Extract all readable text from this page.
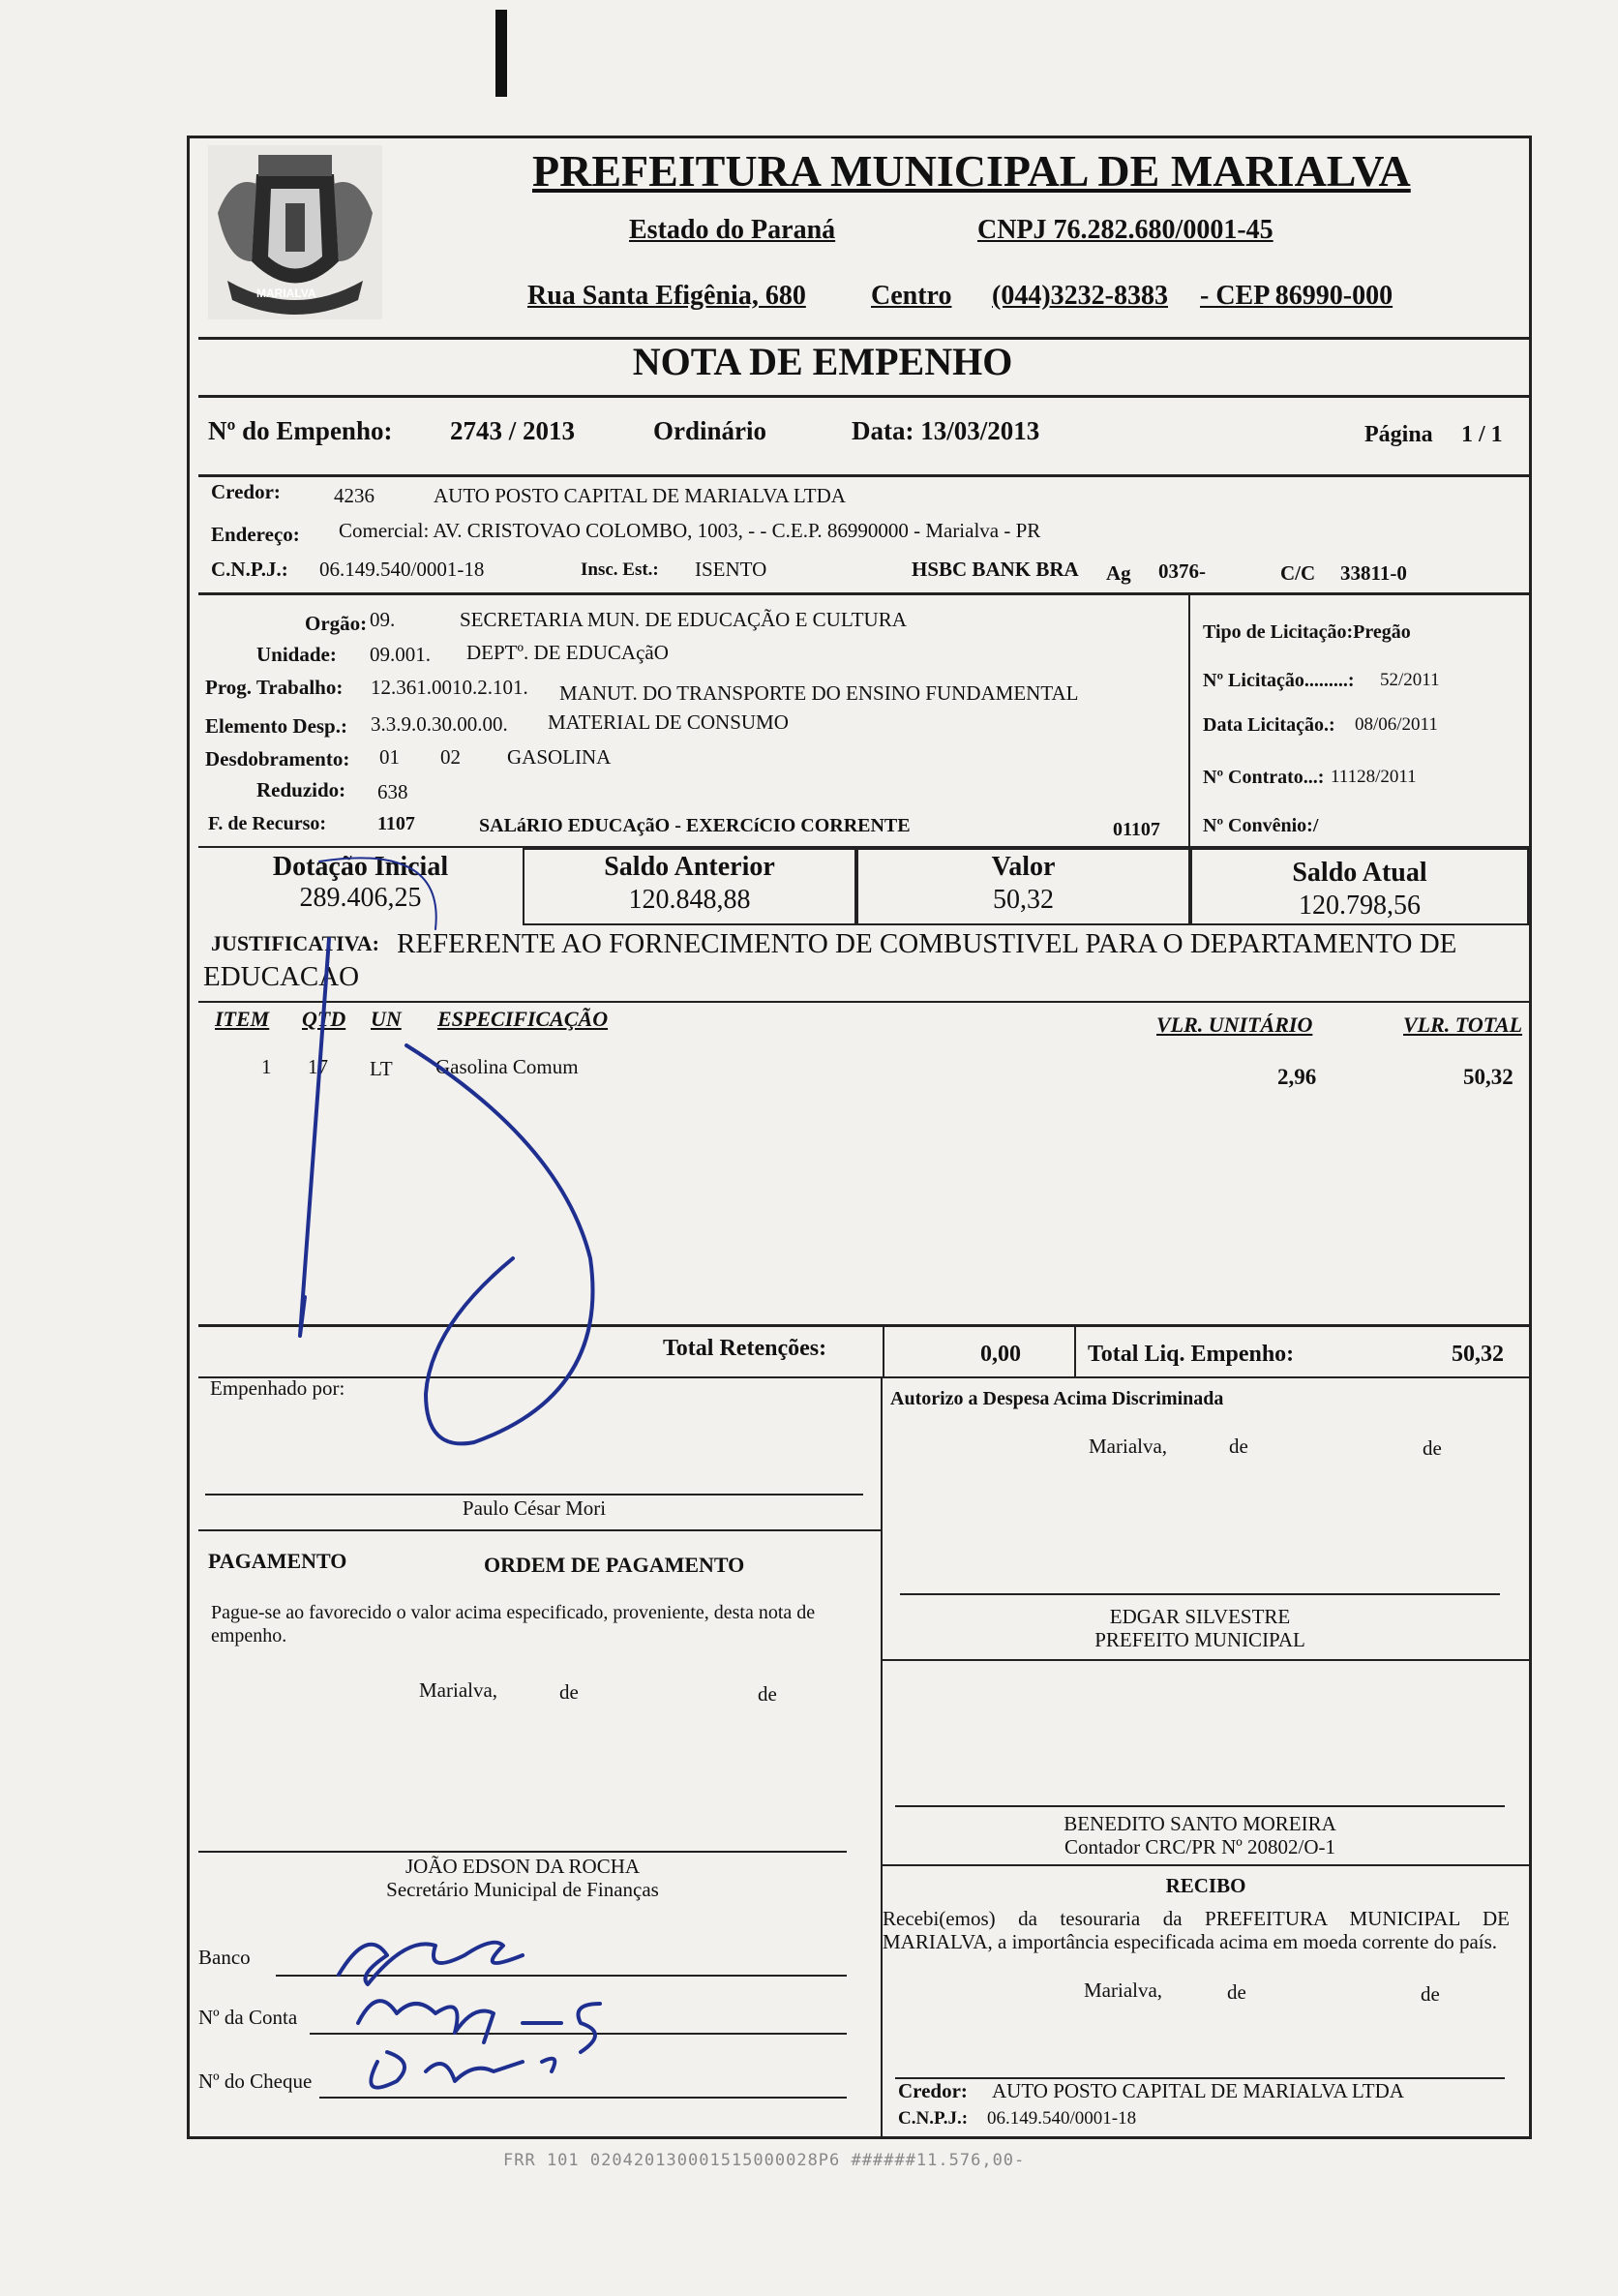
MARIALVA
PREFEITURA MUNICIPAL DE MARIALVA
Estado do Paraná	CNPJ 76.282.680/0001-45
Rua Santa Efigênia, 680 Centro (044)3232-8383 - CEP 86990-000
NOTA DE EMPENHO
Nº do Empenho: 2743 / 2013	Ordinário	Data: 13/03/2013	Página 1 / 1
Credor:	4236	AUTO POSTO CAPITAL DE MARIALVA LTDA
Endereço: Comercial: AV. CRISTOVAO COLOMBO, 1003, - - C.E.P. 86990000 - Marialva - PR
C.N.P.J.: 06.149.540/0001-18	Insc. Est.: ISENTO	HSBC BANK BRA Ag 0376-	C/C 33811-0
Orgão: 09.	SECRETARIA MUN. DE EDUCAÇÃO E CULTURA
Unidade: 09.001. DEPTº. DE EDUCAçãO
Prog. Trabalho: 12.361.0010.2.101. MANUT. DO TRANSPORTE DO ENSINO FUNDAMENTAL
Elemento Desp.: 3.3.9.0.30.00.00. MATERIAL DE CONSUMO
Desdobramento: 01 02 GASOLINA
Reduzido: 638
F. de Recurso:	1107	SALáRIO EDUCAçãO - EXERCíCIO CORRENTE	01107
Tipo de Licitação:Pregão
Nº Licitação.........: 52/2011
Data Licitação.: 08/06/2011
Nº Contrato...: 11128/2011
Nº Convênio:/
Dotação Inicial
289.406,25
Saldo Anterior
120.848,88
Valor
50,32
Saldo Atual
120.798,56
JUSTIFICATIVA: REFERENTE AO FORNECIMENTO DE COMBUSTIVEL PARA O DEPARTAMENTO DE EDUCACAO
ITEM QTD UN ESPECIFICAÇÃO	VLR. UNITÁRIO	VLR. TOTAL
1 17 LT Gasolina Comum	2,96	50,32
Total Retenções:	0,00	Total Liq. Empenho:	50,32
Empenhado por:
Paulo César Mori
Autorizo a Despesa Acima Discriminada
Marialva,	de	de
PAGAMENTO	ORDEM DE PAGAMENTO
Pague-se ao favorecido o valor acima especificado, proveniente, desta nota de empenho.
Marialva,	de	de
EDGAR SILVESTRE
PREFEITO MUNICIPAL
BENEDITO SANTO MOREIRA
Contador CRC/PR Nº 20802/O-1
RECIBO
Recebi(emos) da tesouraria da PREFEITURA MUNICIPAL DE MARIALVA, a importância especificada acima em moeda corrente do país.
Marialva,	de	de
JOÃO EDSON DA ROCHA
Secretário Municipal de Finanças
Banco
Nº da Conta
Nº do Cheque	Credor: AUTO POSTO CAPITAL DE MARIALVA LTDA
C.N.P.J.: 06.149.540/0001-18
FRR 101 020420130001515000028P6 ######11.576,00-
